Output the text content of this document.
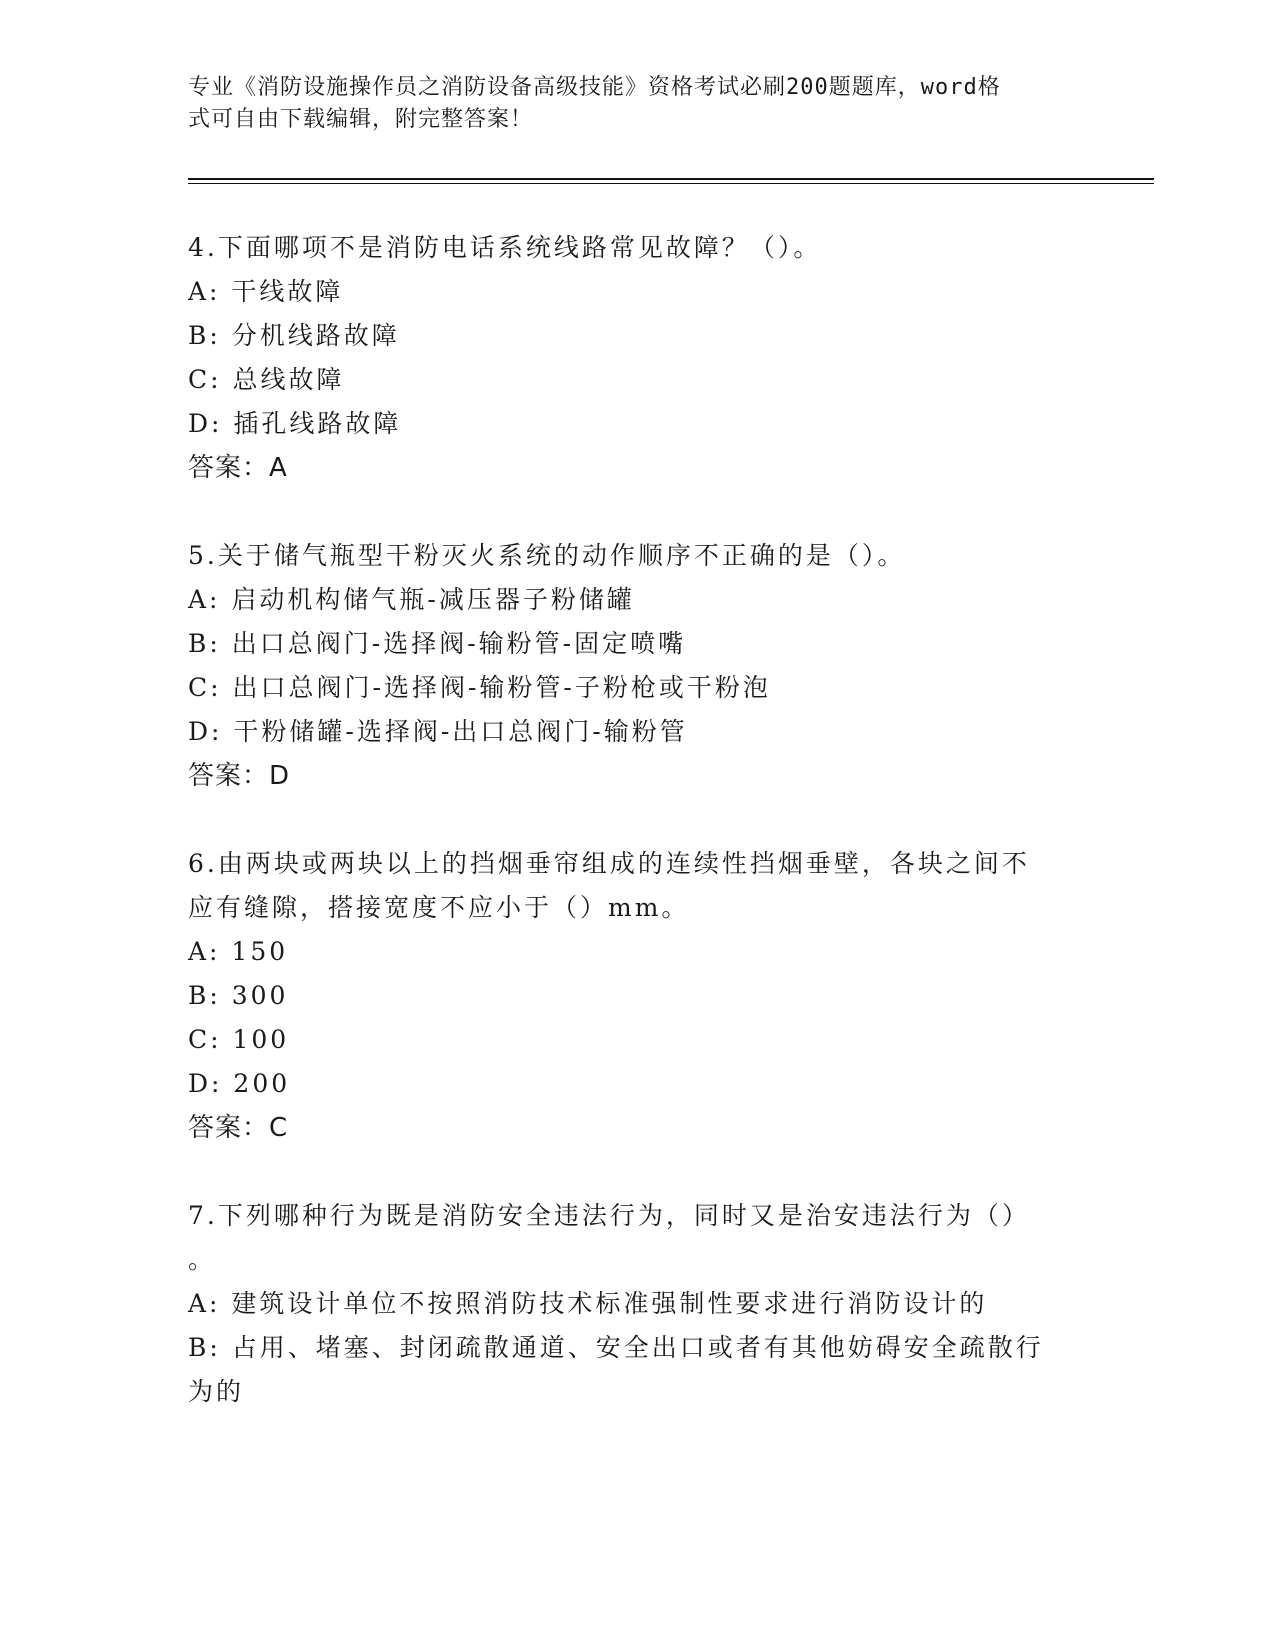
专业《消防设施操作员之消防设备高级技能》资格考试必刷200题题库，word格
式可自由下载编辑，附完整答案！
4.下面哪项不是消防电话系统线路常见故障？（）。
A: 干线故障
B: 分机线路故障
C: 总线故障
D: 插孔线路故障
答案：A
5.关于储气瓶型干粉灭火系统的动作顺序不正确的是（）。
A: 启动机构储气瓶-减压器子粉储罐
B: 出口总阀门-选择阀-输粉管-固定喷嘴
C: 出口总阀门-选择阀-输粉管-子粉枪或干粉泡
D: 干粉储罐-选择阀-出口总阀门-输粉管
答案：D
6.由两块或两块以上的挡烟垂帘组成的连续性挡烟垂壁，各块之间不
应有缝隙，搭接宽度不应小于（）mm。
A: 150
B: 300
C: 100
D: 200
答案：C
7.下列哪种行为既是消防安全违法行为，同时又是治安违法行为（）
。
A: 建筑设计单位不按照消防技术标准强制性要求进行消防设计的
B: 占用、堵塞、封闭疏散通道、安全出口或者有其他妨碍安全疏散行
为的
